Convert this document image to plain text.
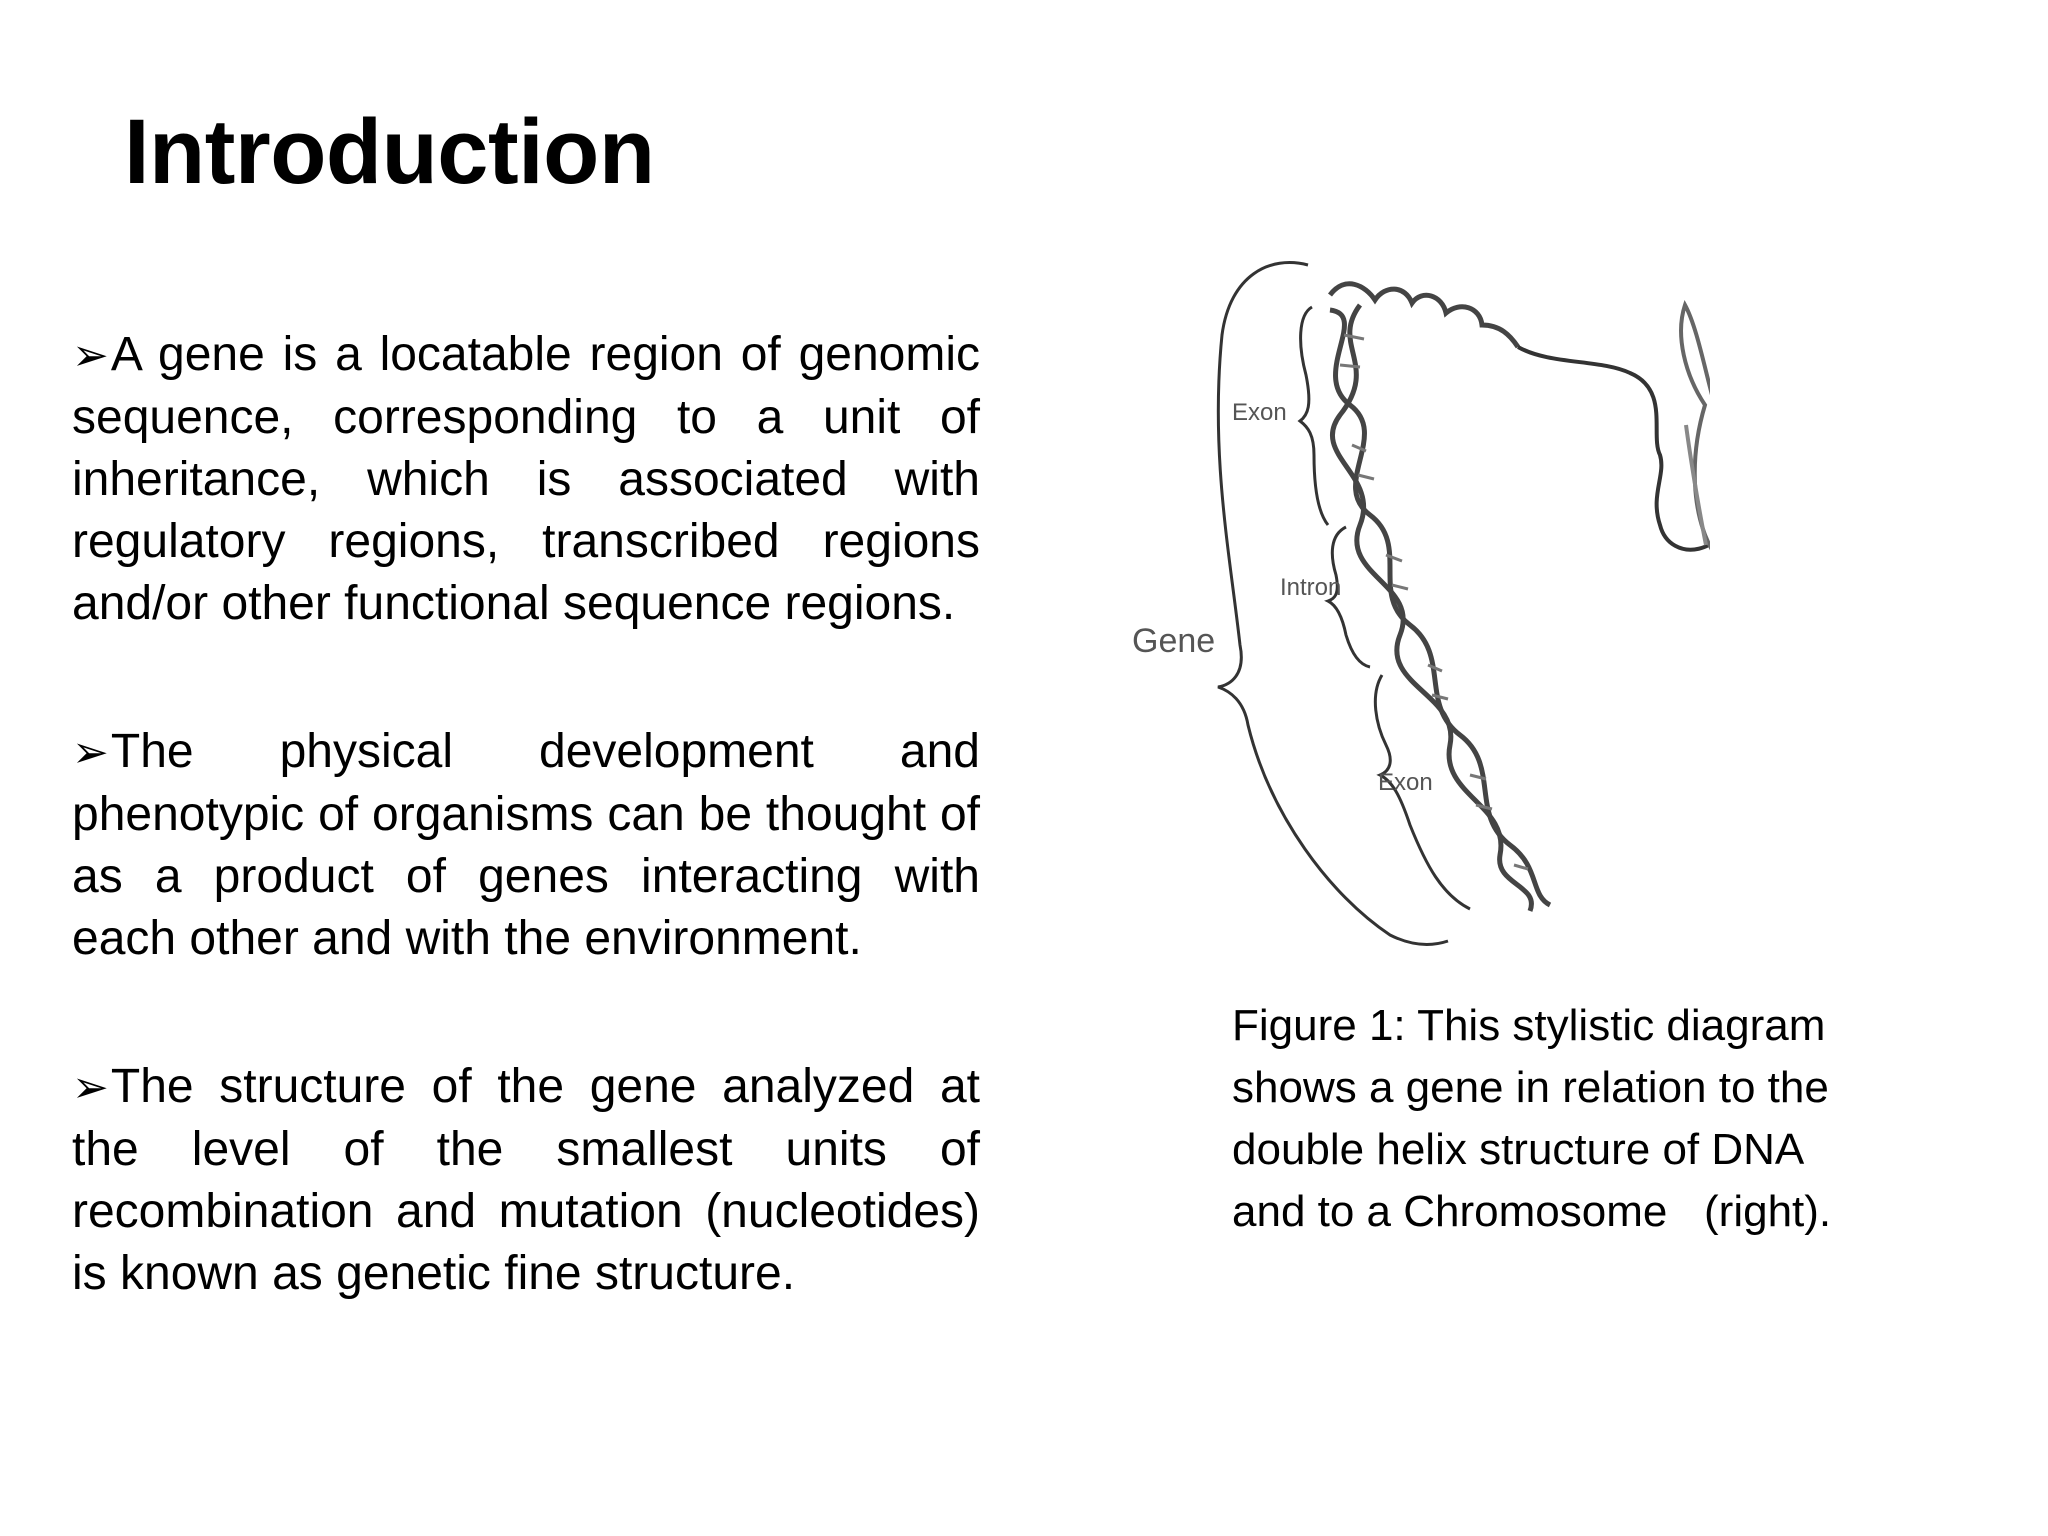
Introduction

➢A gene is a locatable region of genomic sequence, corresponding to a unit of inheritance, which is associated with regulatory regions, transcribed regions and/or other functional sequence regions.

➢The physical development and phenotypic of organisms can be thought of as a product of genes interacting with each other and with the environment.

➢The structure of the gene analyzed at the level of the smallest units of recombination and mutation (nucleotides) is known as genetic fine structure.

Gene
Exon
Intron
Exon
Figure 1: This stylistic diagram
shows a gene in relation to the
double helix structure of DNA
and to a Chromosome   (right).
